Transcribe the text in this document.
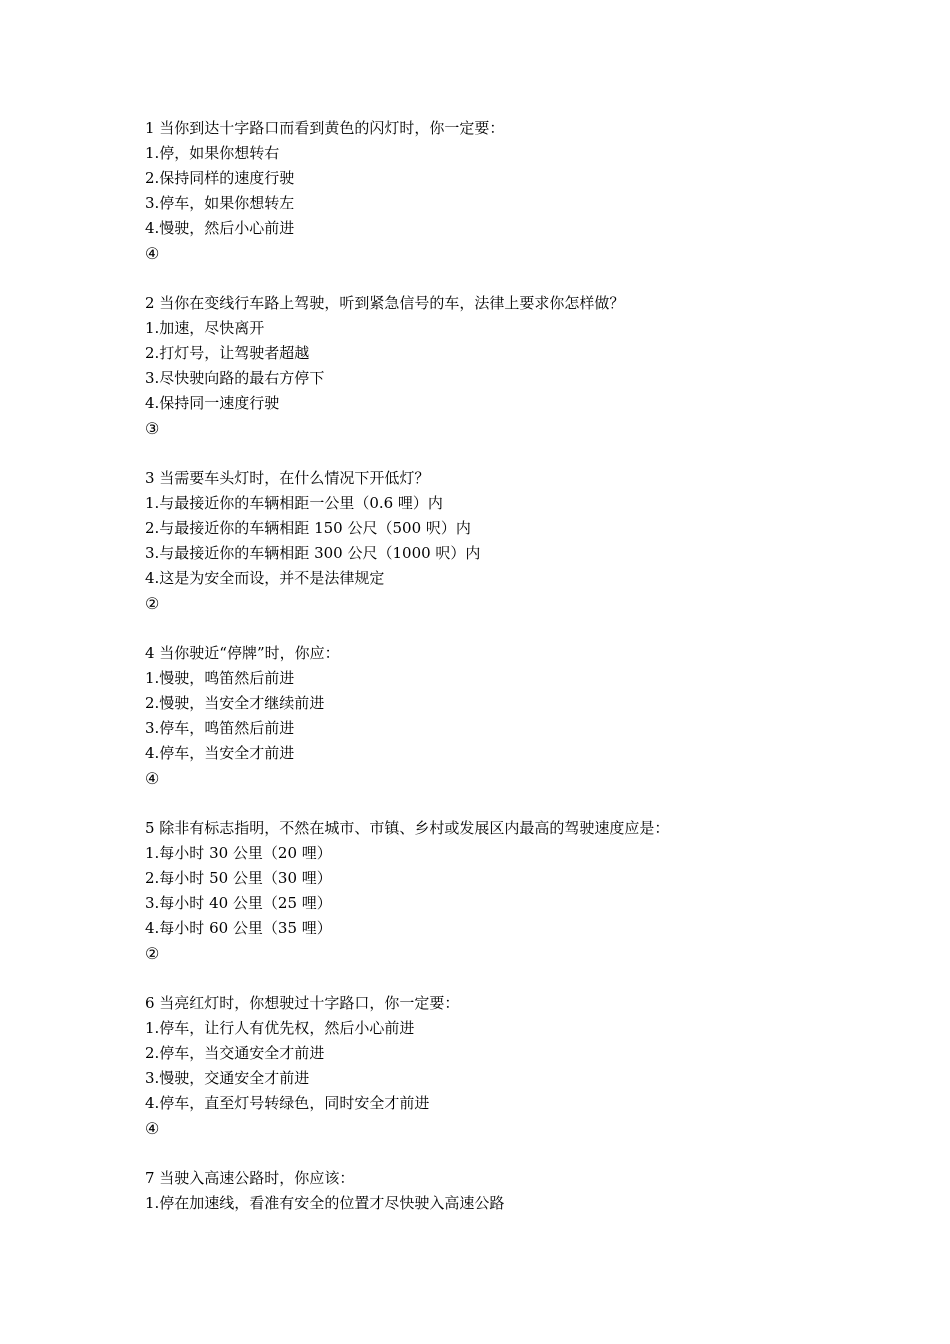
1 当你到达十字路口而看到黄色的闪灯时，你一定要：
1.停，如果你想转右
2.保持同样的速度行驶
3.停车，如果你想转左
4.慢驶，然后小心前进
④
2 当你在变线行车路上驾驶，听到紧急信号的车，法律上要求你怎样做？
1.加速，尽快离开
2.打灯号，让驾驶者超越
3.尽快驶向路的最右方停下
4.保持同一速度行驶
③
3 当需要车头灯时，在什么情况下开低灯？
1.与最接近你的车辆相距一公里（0.6 哩）内
2.与最接近你的车辆相距 150 公尺（500 呎）内
3.与最接近你的车辆相距 300 公尺（1000 呎）内
4.这是为安全而设，并不是法律规定
②
4 当你驶近“停牌”时，你应：
1.慢驶，鸣笛然后前进
2.慢驶，当安全才继续前进
3.停车，鸣笛然后前进
4.停车，当安全才前进
④
5 除非有标志指明，不然在城市、市镇、乡村或发展区内最高的驾驶速度应是：
1.每小时 30 公里（20 哩）
2.每小时 50 公里（30 哩）
3.每小时 40 公里（25 哩）
4.每小时 60 公里（35 哩）
②
6 当亮红灯时，你想驶过十字路口，你一定要：
1.停车，让行人有优先权，然后小心前进
2.停车，当交通安全才前进
3.慢驶，交通安全才前进
4.停车，直至灯号转绿色，同时安全才前进
④
7 当驶入高速公路时，你应该：
1.停在加速线，看准有安全的位置才尽快驶入高速公路
